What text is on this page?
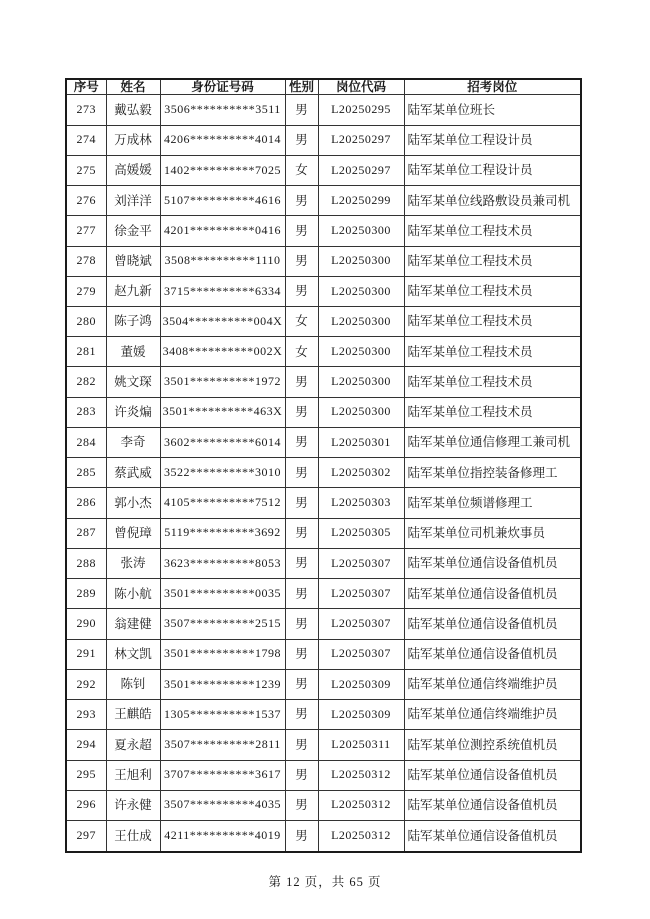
序号	姓名	身份证号码	性别	岗位代码	招考岗位
273	戴弘毅	3506**********3511	男	L20250295	陆军某单位班长
274	万成林	4206**********4014	男	L20250297	陆军某单位工程设计员
275	高媛媛	1402**********7025	女	L20250297	陆军某单位工程设计员
276	刘洋洋	5107**********4616	男	L20250299	陆军某单位线路敷设员兼司机
277	徐金平	4201**********0416	男	L20250300	陆军某单位工程技术员
278	曾晓斌	3508**********1110	男	L20250300	陆军某单位工程技术员
279	赵九新	3715**********6334	男	L20250300	陆军某单位工程技术员
280	陈子鸿	3504**********004X	女	L20250300	陆军某单位工程技术员
281	董媛	3408**********002X	女	L20250300	陆军某单位工程技术员
282	姚文琛	3501**********1972	男	L20250300	陆军某单位工程技术员
283	许炎煸	3501**********463X	男	L20250300	陆军某单位工程技术员
284	李奇	3602**********6014	男	L20250301	陆军某单位通信修理工兼司机
285	蔡武威	3522**********3010	男	L20250302	陆军某单位指控装备修理工
286	郭小杰	4105**********7512	男	L20250303	陆军某单位频谱修理工
287	曾倪璋	5119**********3692	男	L20250305	陆军某单位司机兼炊事员
288	张涛	3623**********8053	男	L20250307	陆军某单位通信设备值机员
289	陈小航	3501**********0035	男	L20250307	陆军某单位通信设备值机员
290	翁建健	3507**********2515	男	L20250307	陆军某单位通信设备值机员
291	林文凯	3501**********1798	男	L20250307	陆军某单位通信设备值机员
292	陈钊	3501**********1239	男	L20250309	陆军某单位通信终端维护员
293	王麒皓	1305**********1537	男	L20250309	陆军某单位通信终端维护员
294	夏永超	3507**********2811	男	L20250311	陆军某单位测控系统值机员
295	王旭利	3707**********3617	男	L20250312	陆军某单位通信设备值机员
296	许永健	3507**********4035	男	L20250312	陆军某单位通信设备值机员
297	王仕成	4211**********4019	男	L20250312	陆军某单位通信设备值机员
第 12 页，共 65 页
